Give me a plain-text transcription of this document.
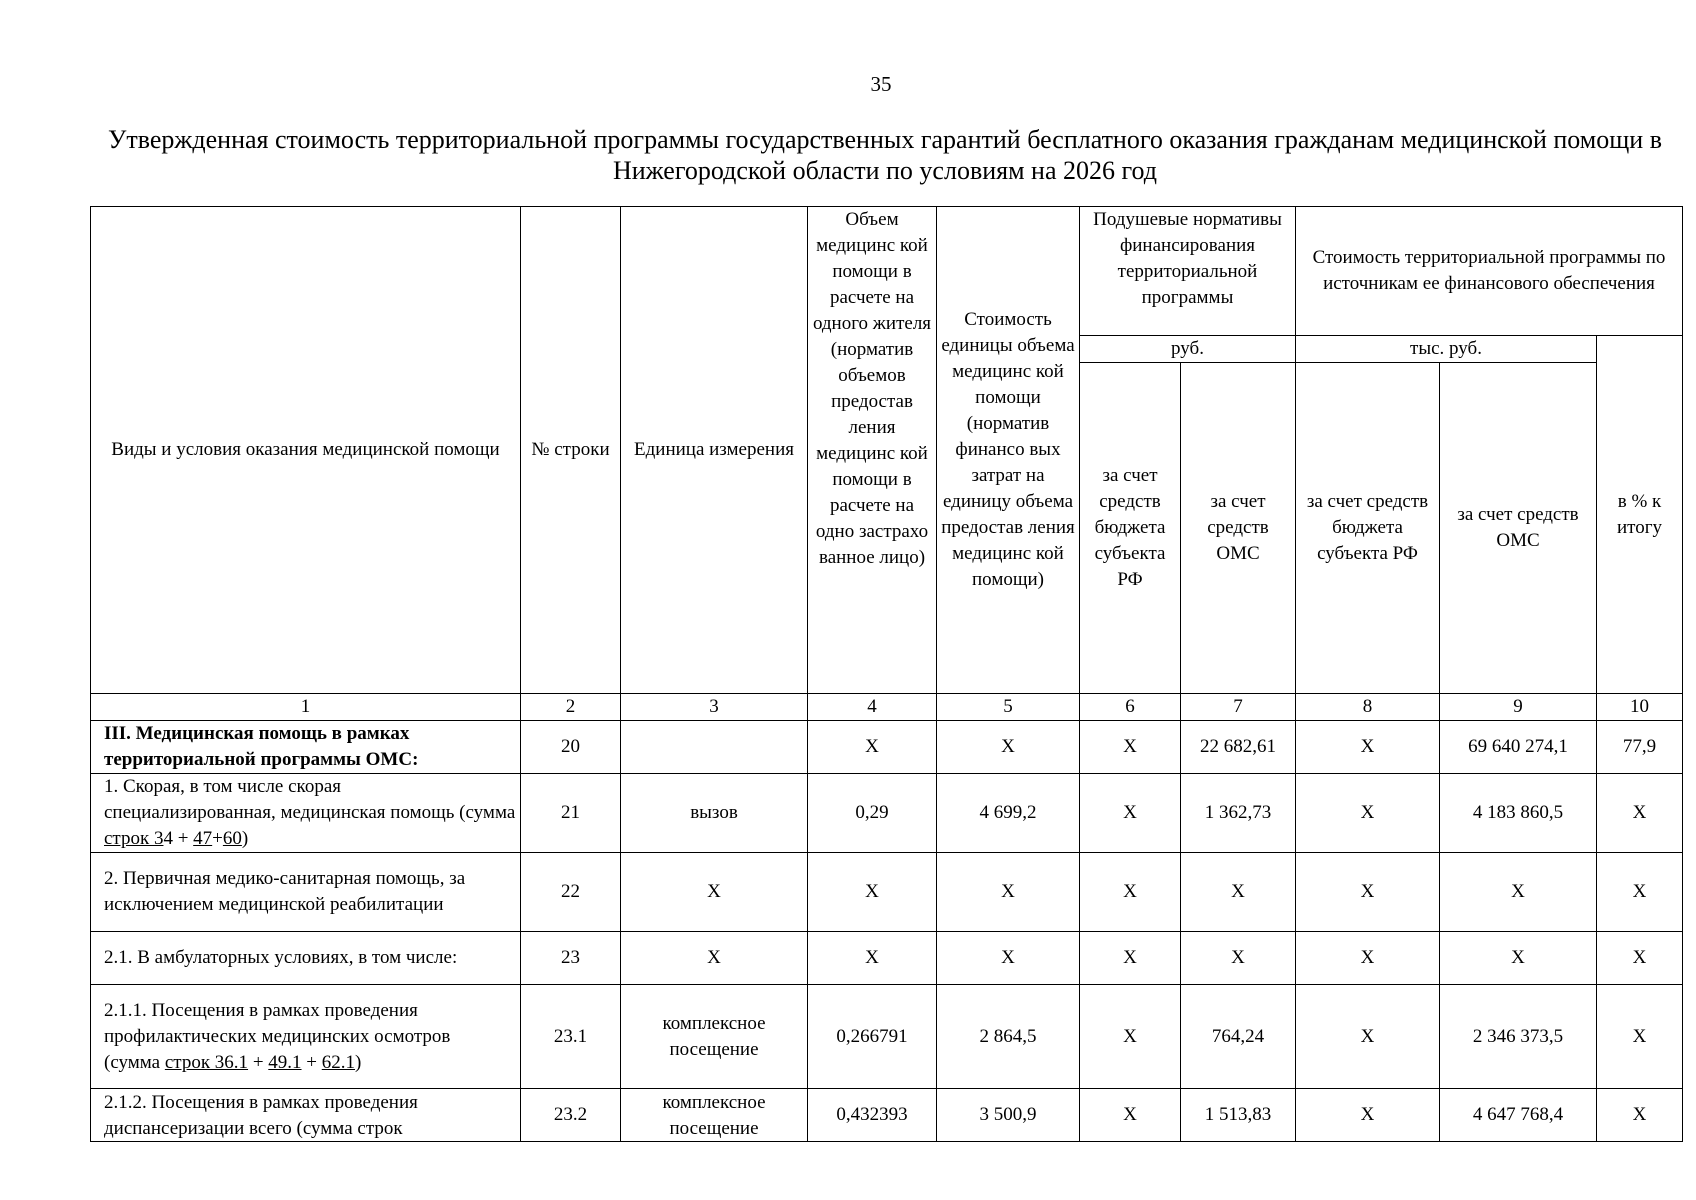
35
Утвержденная стоимость территориальной программы государственных гарантий бесплатного оказания гражданам медицинской помощи в Нижегородской области по условиям на 2026 год
Виды и условия оказания медицинской помощи	№ строки	Единица измерения	Объем медицинс кой помощи в расчете на одного жителя (норматив объемов предостав ления медицинс кой помощи в расчете на одно застрахо ванное лицо)	Стоимость единицы объема медицинс кой помощи (норматив финансо вых затрат на единицу объема предостав ления медицинс кой помощи)	Подушевые нормативы финансирования территориальной программы		Стоимость территориальной программы по источникам ее финансового обеспечения		
					руб.		тыс. руб.		в % к итогу
					за счет средств бюджета субъекта РФ	за счет средств ОМС	за счет средств бюджета субъекта РФ	за счет средств ОМС	
1	2	3	4	5	6	7	8	9	10
III. Медицинская помощь в рамках территориальной программы ОМС:	20		X	X	X	22 682,61	X	69 640 274,1	77,9
1. Скорая, в том числе скорая специализированная, медицинская помощь (сумма строк 34 + 47+60)	21	вызов	0,29	4 699,2	X	1 362,73	X	4 183 860,5	X
2. Первичная медико-санитарная помощь, за исключением медицинской реабилитации	22	X	X	X	X	X	X	X	X
2.1. В амбулаторных условиях, в том числе:	23	X	X	X	X	X	X	X	X
2.1.1. Посещения в рамках проведения профилактических медицинских осмотров
(сумма строк 36.1 + 49.1 + 62.1)	23.1	комплексное посещение	0,266791	2 864,5	X	764,24	X	2 346 373,5	X

2.1.2. Посещения в рамках проведения диспансеризации всего (сумма строк	23.2	комплексное посещение	0,432393	3 500,9	X	1 513,83	X	4 647 768,4	X
